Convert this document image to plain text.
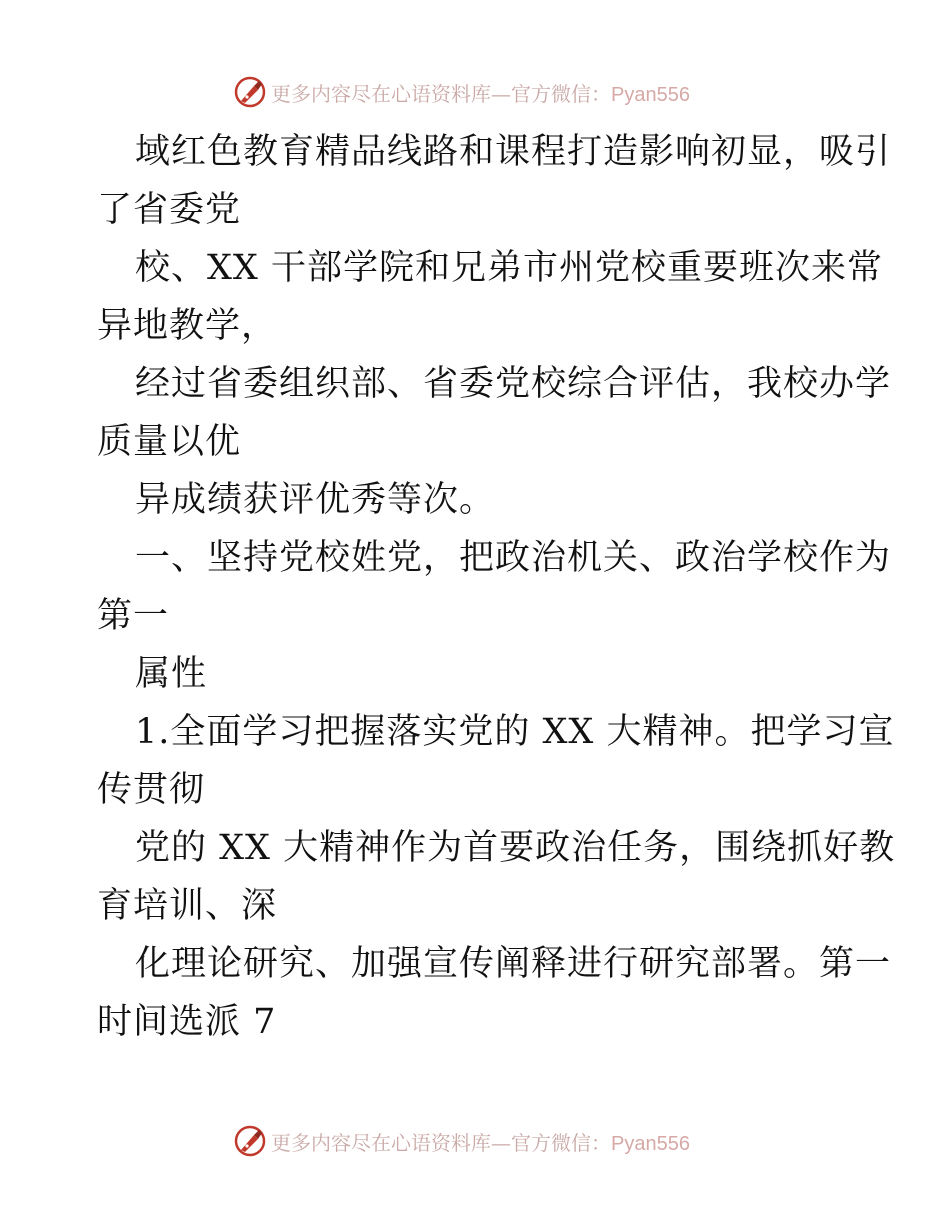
更多内容尽在心语资料库—官方微信：Pyan556
域红色教育精品线路和课程打造影响初显，吸引
了省委党
校、XX 干部学院和兄弟市州党校重要班次来常
异地教学，
经过省委组织部、省委党校综合评估，我校办学
质量以优
异成绩获评优秀等次。
一、坚持党校姓党，把政治机关、政治学校作为
第一
属性
1.全面学习把握落实党的 XX 大精神。把学习宣
传贯彻
党的 XX 大精神作为首要政治任务，围绕抓好教
育培训、深
化理论研究、加强宣传阐释进行研究部署。第一
时间选派 7
更多内容尽在心语资料库—官方微信：Pyan556
